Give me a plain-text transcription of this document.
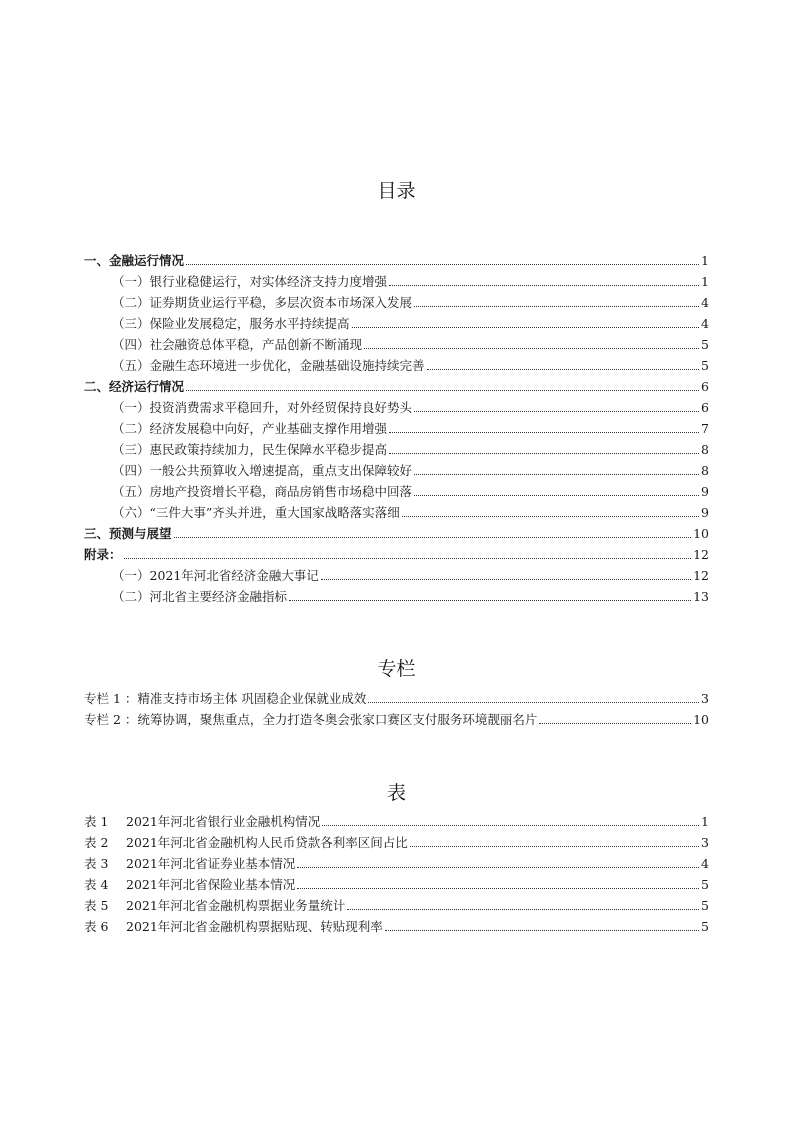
目录
一、金融运行情况	1
（一）银行业稳健运行，对实体经济支持力度增强	1
（二）证券期货业运行平稳，多层次资本市场深入发展	4
（三）保险业发展稳定，服务水平持续提高	4
（四）社会融资总体平稳，产品创新不断涌现	5
（五）金融生态环境进一步优化，金融基础设施持续完善	5
二、经济运行情况	6
（一）投资消费需求平稳回升，对外经贸保持良好势头	6
（二）经济发展稳中向好，产业基础支撑作用增强	7
（三）惠民政策持续加力，民生保障水平稳步提高	8
（四）一般公共预算收入增速提高，重点支出保障较好	8
（五）房地产投资增长平稳，商品房销售市场稳中回落	9
（六）“三件大事”齐头并进，重大国家战略落实落细	9
三、预测与展望	10
附录：	12
（一）2021年河北省经济金融大事记	12
（二）河北省主要经济金融指标	13
专栏
专栏 1 ：精准支持市场主体 巩固稳企业保就业成效	3
专栏 2 ：统筹协调，聚焦重点，全力打造冬奥会张家口赛区支付服务环境靓丽名片	10
表
表 1	2021年河北省银行业金融机构情况	1
表 2	2021年河北省金融机构人民币贷款各利率区间占比	3
表 3	2021年河北省证券业基本情况	4
表 4	2021年河北省保险业基本情况	5
表 5	2021年河北省金融机构票据业务量统计	5
表 6	2021年河北省金融机构票据贴现、转贴现利率	5
